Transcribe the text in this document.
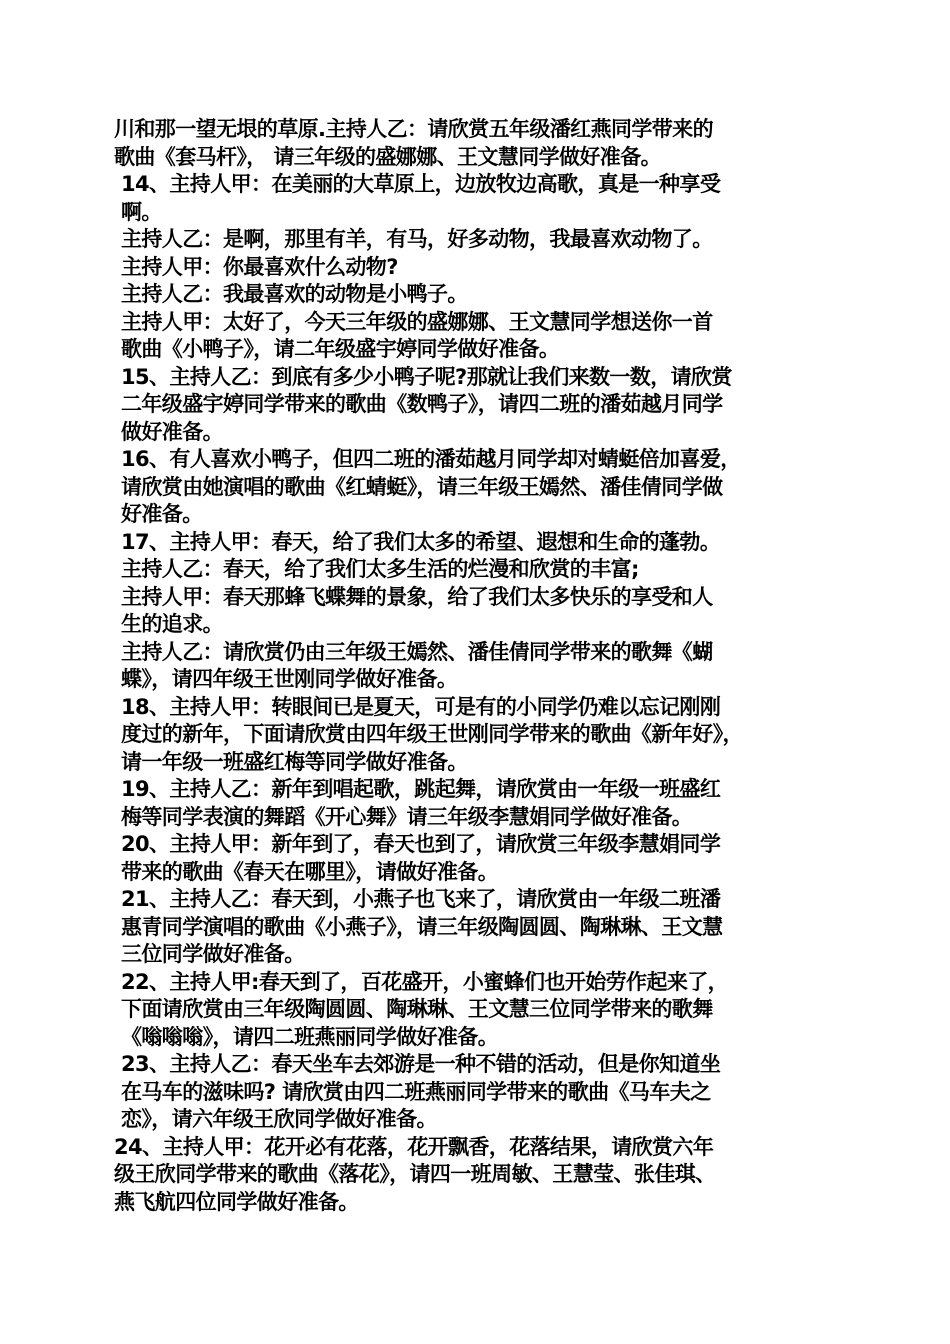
川和那一望无垠的草原.主持人乙：请欣赏五年级潘红燕同学带来的
歌曲《套马杆》， 请三年级的盛娜娜、王文慧同学做好准备。

14、主持人甲：在美丽的大草原上，边放牧边高歌，真是一种享受
啊。

主持人乙：是啊，那里有羊，有马，好多动物，我最喜欢动物了。

主持人甲：你最喜欢什么动物?

主持人乙：我最喜欢的动物是小鸭子。

主持人甲：太好了，今天三年级的盛娜娜、王文慧同学想送你一首
歌曲《小鸭子》，请二年级盛宇婷同学做好准备。

15、主持人乙：到底有多少小鸭子呢?那就让我们来数一数，请欣赏
二年级盛宇婷同学带来的歌曲《数鸭子》，请四二班的潘茹越月同学
做好准备。

16、有人喜欢小鸭子，但四二班的潘茹越月同学却对蜻蜓倍加喜爱，
请欣赏由她演唱的歌曲《红蜻蜓》，请三年级王嫣然、潘佳倩同学做
好准备。

17、主持人甲：春天，给了我们太多的希望、遐想和生命的蓬勃。

主持人乙：春天，给了我们太多生活的烂漫和欣赏的丰富;

主持人甲：春天那蜂飞蝶舞的景象，给了我们太多快乐的享受和人
生的追求。

主持人乙：请欣赏仍由三年级王嫣然、潘佳倩同学带来的歌舞《蝴
蝶》，请四年级王世刚同学做好准备。

18、主持人甲：转眼间已是夏天，可是有的小同学仍难以忘记刚刚
度过的新年，下面请欣赏由四年级王世刚同学带来的歌曲《新年好》，
请一年级一班盛红梅等同学做好准备。

19、主持人乙：新年到唱起歌，跳起舞，请欣赏由一年级一班盛红
梅等同学表演的舞蹈《开心舞》请三年级李慧娟同学做好准备。

20、主持人甲：新年到了，春天也到了，请欣赏三年级李慧娟同学
带来的歌曲《春天在哪里》，请做好准备。

21、主持人乙：春天到，小燕子也飞来了，请欣赏由一年级二班潘
惠青同学演唱的歌曲《小燕子》，请三年级陶圆圆、陶琳琳、王文慧
三位同学做好准备。

22、主持人甲:春天到了，百花盛开，小蜜蜂们也开始劳作起来了，
下面请欣赏由三年级陶圆圆、陶琳琳、王文慧三位同学带来的歌舞
《嗡嗡嗡》，请四二班燕丽同学做好准备。

23、主持人乙：春天坐车去郊游是一种不错的活动，但是你知道坐
在马车的滋味吗? 请欣赏由四二班燕丽同学带来的歌曲《马车夫之
恋》，请六年级王欣同学做好准备。

24、主持人甲：花开必有花落，花开飘香，花落结果，请欣赏六年
级王欣同学带来的歌曲《落花》，请四一班周敏、王慧莹、张佳琪、
燕飞航四位同学做好准备。
